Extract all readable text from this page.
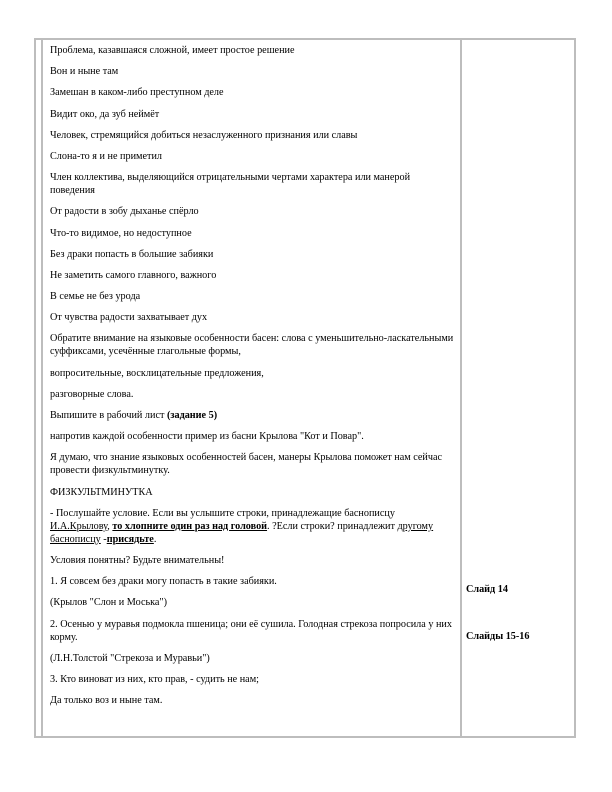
Проблема, казавшаяся сложной, имеет простое решение

Вон и ныне там

Замешан в каком-либо преступном деле

Видит око, да зуб неймёт

Человек, стремящийся добиться незаслуженного признания или славы

Слона-то я и не приметил

Член коллектива, выделяющийся отрицательными чертами характера или манерой поведения

От радости в зобу дыханье спёрло

Что-то видимое, но недоступное

Без драки попасть в большие забияки

Не заметить самого главного, важного

В семье не без урода

От чувства радости захватывает дух

Обратите внимание на языковые особенности басен: слова с уменьшительно-ласкательными суффиксами, усечённые глагольные формы,

вопросительные, восклицательные предложения,

разговорные слова.

Выпишите в рабочий лист (задание 5)

напротив каждой особенности пример из басни Крылова "Кот и Повар".

Я думаю, что знание языковых особенностей басен, манеры Крылова поможет нам сейчас провести физкультминутку.

ФИЗКУЛЬТМИНУТКА

- Послушайте условие. Если вы услышите строки, принадлежащие баснописцу И.А.Крылову, то хлопните один раз над головой. ?Если строки? принадлежит другому баснописцу -присядьте.

Условия понятны? Будьте внимательны!

1. Я совсем без драки могу попасть в такие забияки.

(Крылов "Слон и Моська")

2. Осенью у муравья подмокла пшеница; они её сушила. Голодная стрекоза попросила у них корму.

(Л.Н.Толстой "Стрекоза и Муравьи")

3. Кто виноват из них, кто прав, - судить не нам;

Да только воз и ныне там.

Слайд 14
Слайды 15-16
